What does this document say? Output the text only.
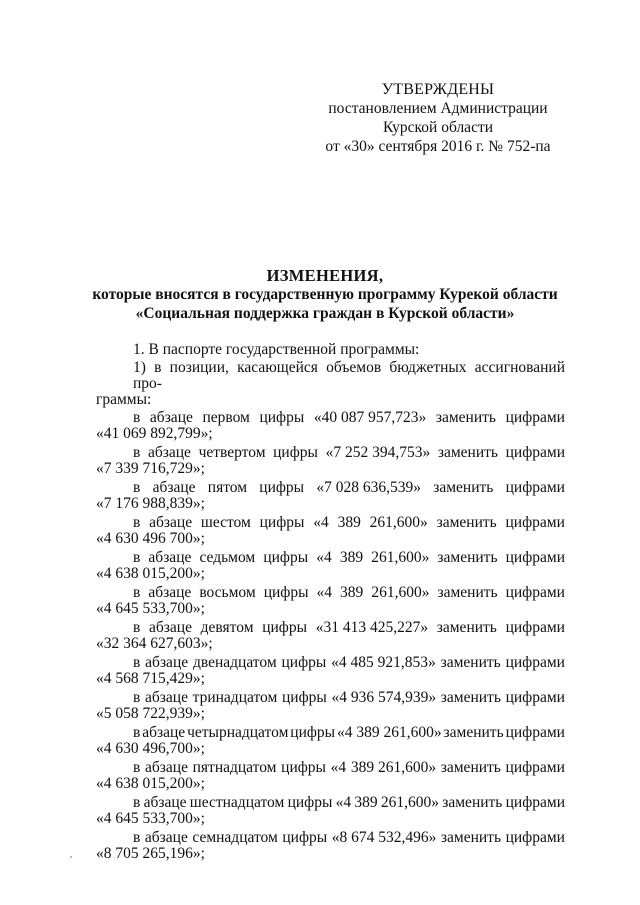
УТВЕРЖДЕНЫ
постановлением Администрации
Курской области
от «30» сентября 2016 г. № 752-па
ИЗМЕНЕНИЯ,
которые вносятся в государственную программу Курекой области
«Социальная поддержка граждан в Курской области»

1. В паспорте государственной программы:

1) в позиции, касающейся объемов бюджетных ассигнований про-

граммы:

в абзаце первом цифры «40 087 957,723» заменить цифрами
«41 069 892,799»;
в абзаце четвертом цифры «7 252 394,753» заменить цифрами
«7 339 716,729»;
в абзаце пятом цифры «7 028 636,539» заменить цифрами
«7 176 988,839»;
в абзаце шестом цифры «4 389 261,600» заменить цифрами
«4 630 496 700»;
в абзаце седьмом цифры «4 389 261,600» заменить цифрами
«4 638 015,200»;
в абзаце восьмом цифры «4 389 261,600» заменить цифрами
«4 645 533,700»;
в абзаце девятом цифры «31 413 425,227» заменить цифрами
«32 364 627,603»;
в абзаце двенадцатом цифры «4 485 921,853» заменить цифрами
«4 568 715,429»;
в абзаце тринадцатом цифры «4 936 574,939» заменить цифрами
«5 058 722,939»;
в абзаце четырнадцатом цифры «4 389 261,600» заменить цифрами
«4 630 496,700»;
в абзаце пятнадцатом цифры «4 389 261,600» заменить цифрами
«4 638 015,200»;
в абзаце шестнадцатом цифры «4 389 261,600» заменить цифрами
«4 645 533,700»;
в абзаце семнадцатом цифры «8 674 532,496» заменить цифрами
«8 705 265,196»;
